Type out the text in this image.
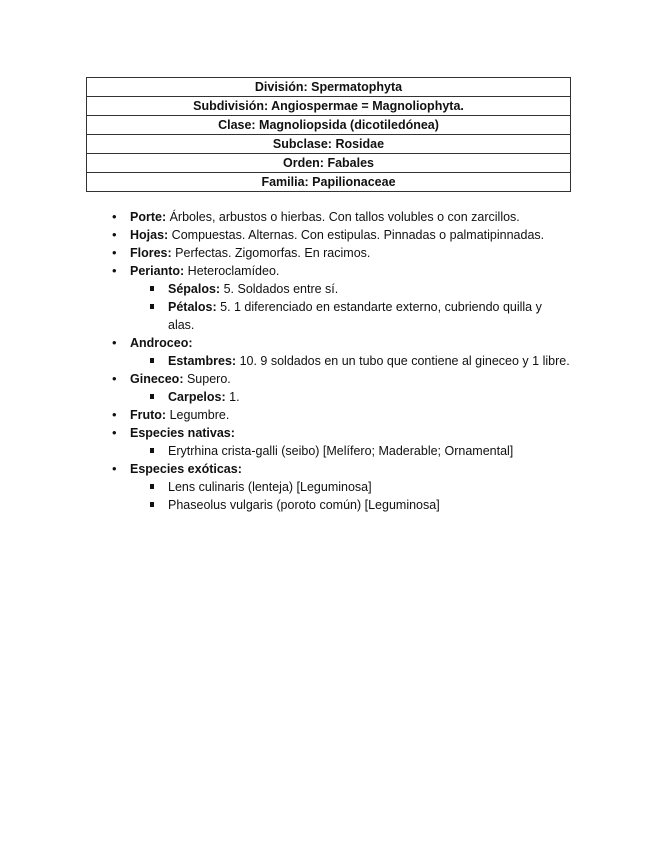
División: Spermatophyta
Subdivisión: Angiospermae = Magnoliophyta.
Clase: Magnoliopsida (dicotiledónea)
Subclase: Rosidae
Orden: Fabales
Familia: Papilionaceae
• Porte: Árboles, arbustos o hierbas. Con tallos volubles o con zarcillos.
• Hojas: Compuestas. Alternas. Con estipulas. Pinnadas o palmatipinnadas.
• Flores: Perfectas. Zigomorfas. En racimos.
• Perianto: Heteroclamídeo.
Sépalos: 5. Soldados entre sí.
Pétalos: 5. 1 diferenciado en estandarte externo, cubriendo quilla y alas.
• Androceo:
Estambres: 10. 9 soldados en un tubo que contiene al gineceo y 1 libre.
• Gineceo: Supero.
Carpelos: 1.
• Fruto: Legumbre.
• Especies nativas:
Erytrhina crista-galli (seibo) [Melífero; Maderable; Ornamental]
• Especies exóticas:
Lens culinaris (lenteja) [Leguminosa]
Phaseolus vulgaris (poroto común) [Leguminosa]
